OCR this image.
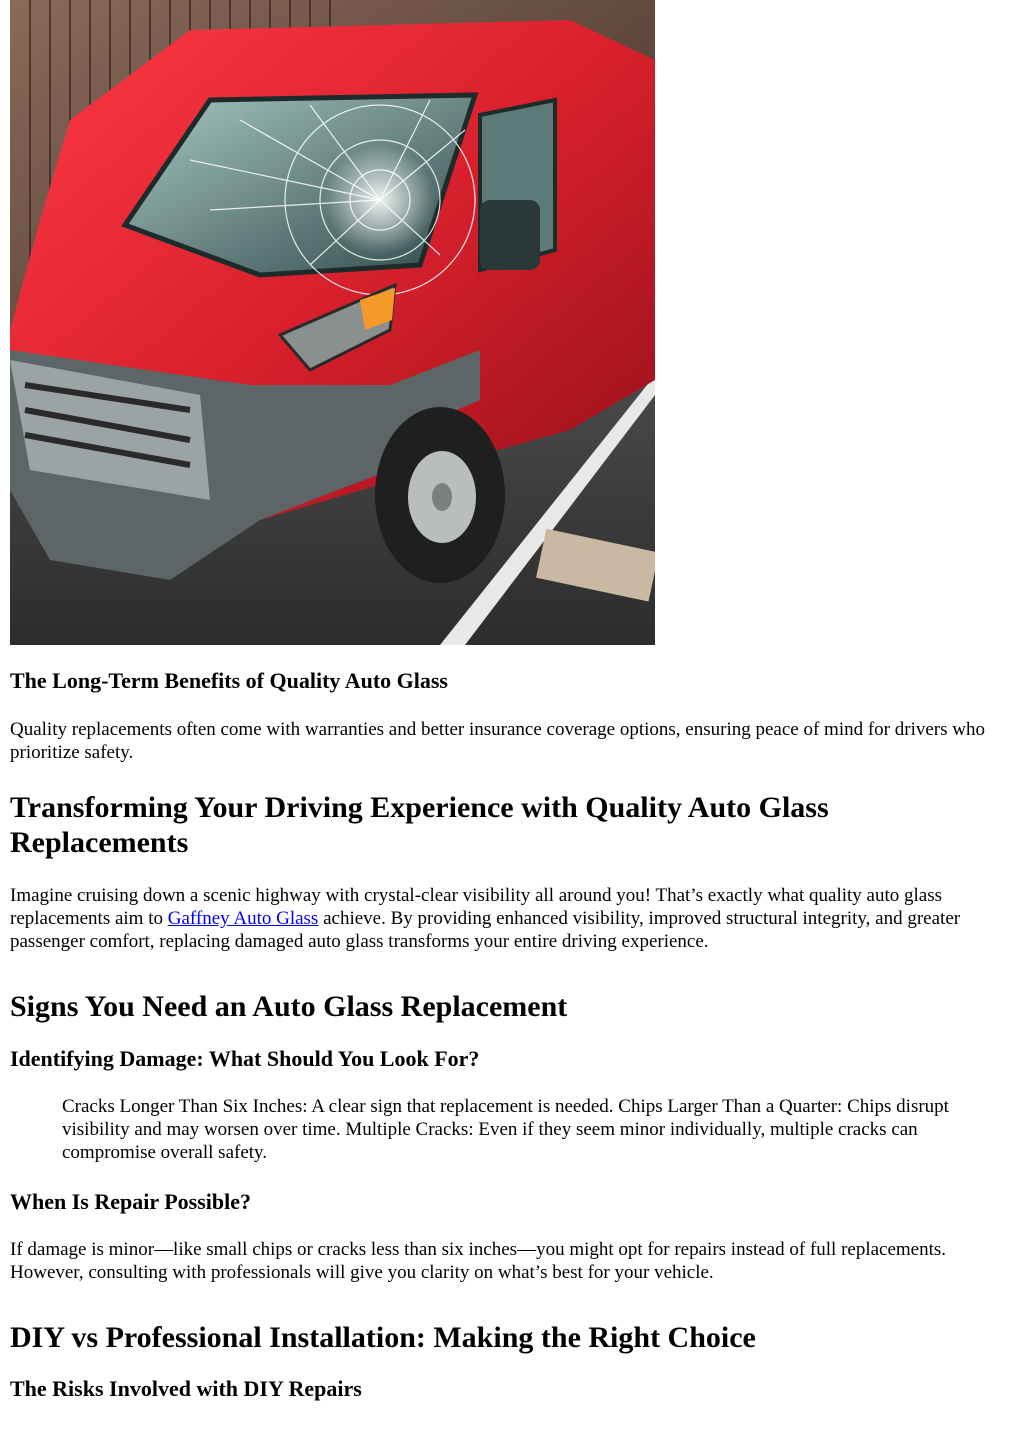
The Long-Term Benefits of Quality Auto Glass

Quality replacements often come with warranties and better insurance coverage options, ensuring peace of mind for drivers who prioritize safety.

Transforming Your Driving Experience with Quality Auto Glass Replacements

Imagine cruising down a scenic highway with crystal-clear visibility all around you! That’s exactly what quality auto glass replacements aim to Gaffney Auto Glass achieve. By providing enhanced visibility, improved structural integrity, and greater passenger comfort, replacing damaged auto glass transforms your entire driving experience.

Signs You Need an Auto Glass Replacement
Identifying Damage: What Should You Look For?
Cracks Longer Than Six Inches: A clear sign that replacement is needed. Chips Larger Than a Quarter: Chips disrupt visibility and may worsen over time. Multiple Cracks: Even if they seem minor individually, multiple cracks can compromise overall safety.
When Is Repair Possible?

If damage is minor—like small chips or cracks less than six inches—you might opt for repairs instead of full replacements. However, consulting with professionals will give you clarity on what’s best for your vehicle.

DIY vs Professional Installation: Making the Right Choice
The Risks Involved with DIY Repairs
